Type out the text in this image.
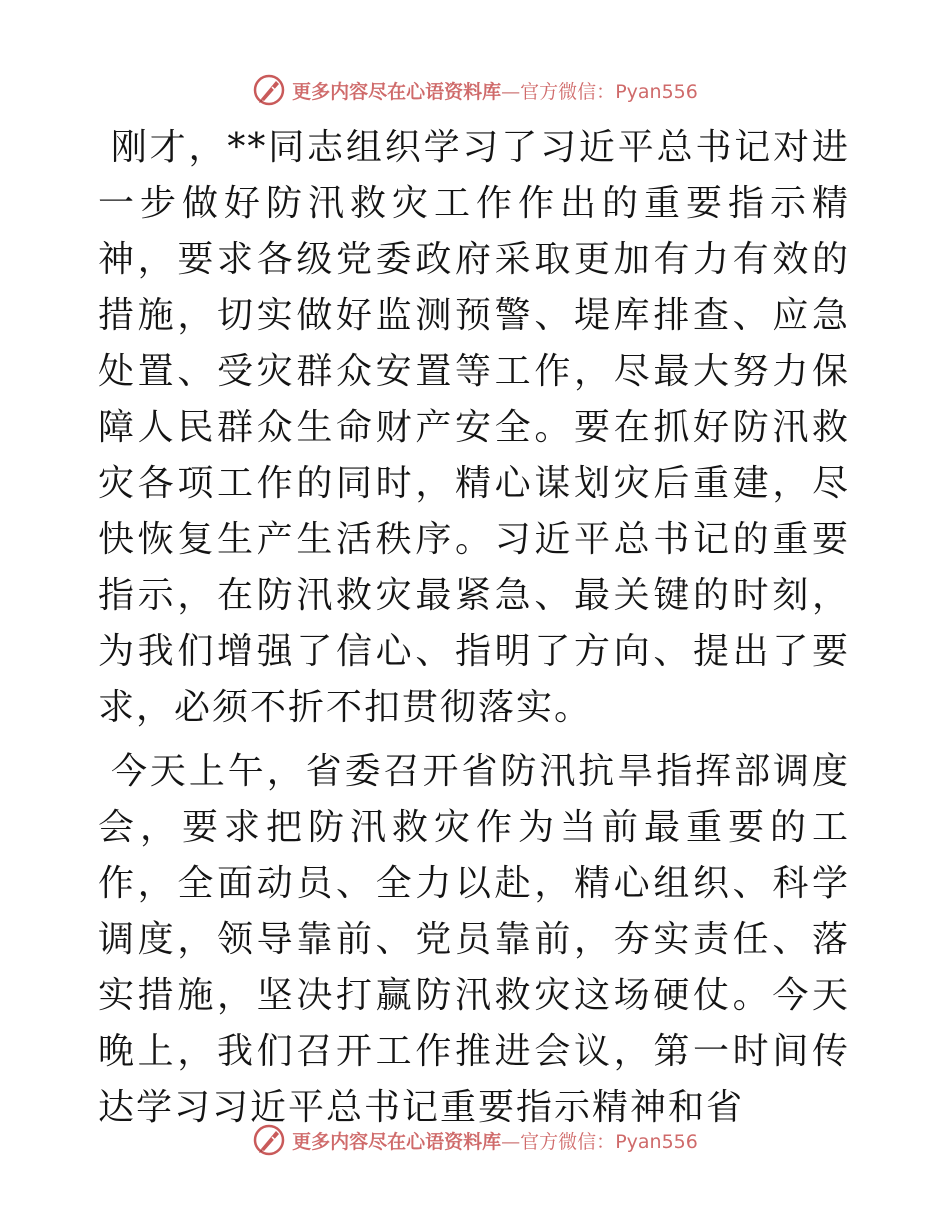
更多内容尽在心语资料库—官方微信：Pyan556

刚才，**同志组织学习了习近平总书记对进一步做好防汛救灾工作作出的重要指示精神，要求各级党委政府采取更加有力有效的措施，切实做好监测预警、堤库排查、应急处置、受灾群众安置等工作，尽最大努力保障人民群众生命财产安全。要在抓好防汛救灾各项工作的同时，精心谋划灾后重建，尽快恢复生产生活秩序。习近平总书记的重要指示，在防汛救灾最紧急、最关键的时刻，为我们增强了信心、指明了方向、提出了要求，必须不折不扣贯彻落实。

今天上午，省委召开省防汛抗旱指挥部调度会，要求把防汛救灾作为当前最重要的工作，全面动员、全力以赴，精心组织、科学调度，领导靠前、党员靠前，夯实责任、落实措施，坚决打赢防汛救灾这场硬仗。今天晚上，我们召开工作推进会议，第一时间传达学习习近平总书记重要指示精神和省

更多内容尽在心语资料库—官方微信：Pyan556
